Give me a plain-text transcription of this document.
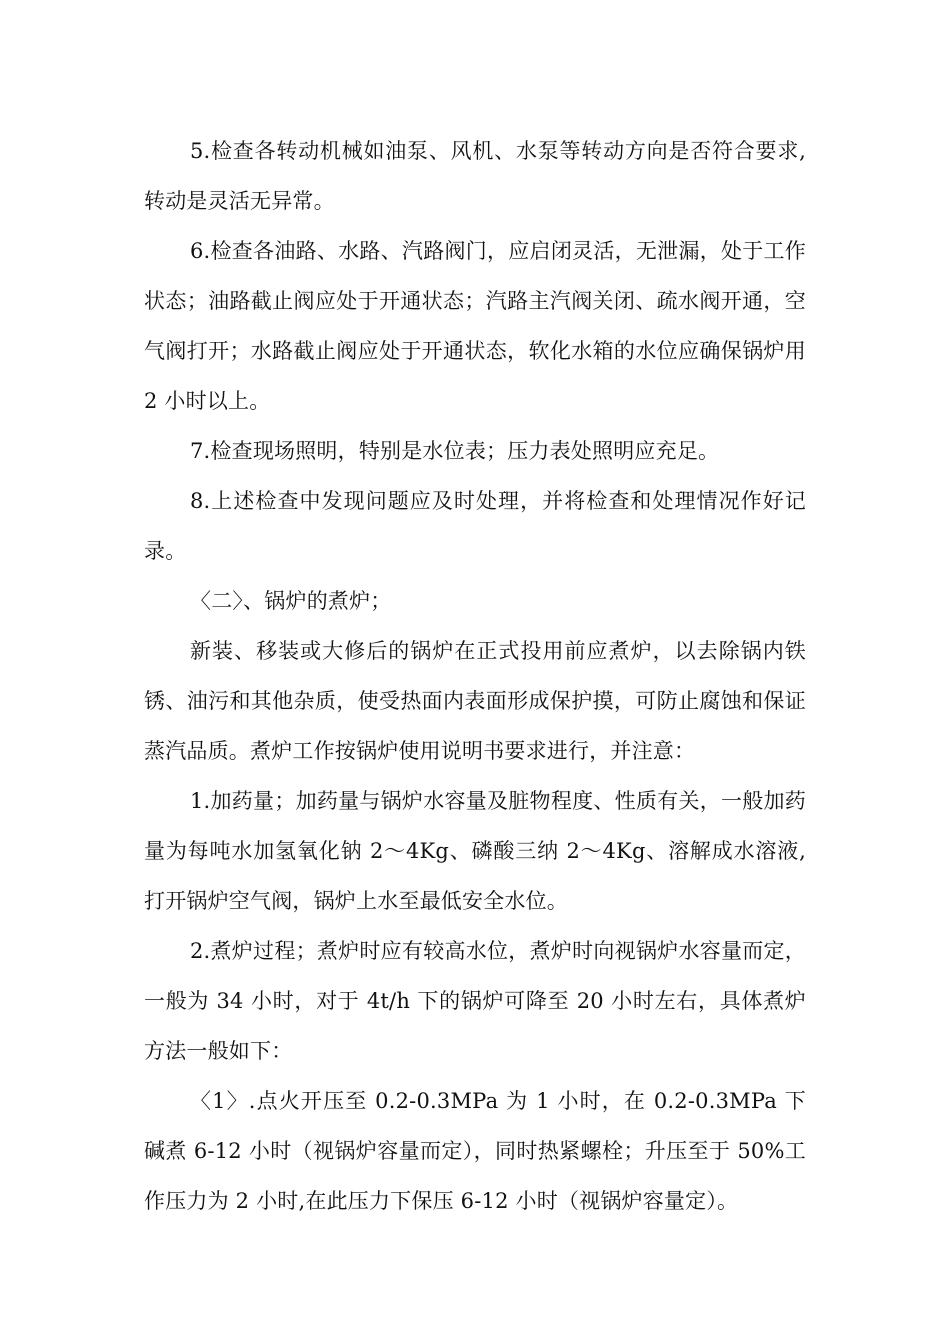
5.检查各转动机械如油泵、风机、水泵等转动方向是否符合要求,转动是灵活无异常。

6.检查各油路、水路、汽路阀门，应启闭灵活，无泄漏，处于工作状态；油路截止阀应处于开通状态；汽路主汽阀关闭、疏水阀开通，空气阀打开；水路截止阀应处于开通状态，软化水箱的水位应确保锅炉用 2 小时以上。

7.检查现场照明，特别是水位表；压力表处照明应充足。

8.上述检查中发现问题应及时处理，并将检查和处理情况作好记录。

〈二〉、锅炉的煮炉；

新装、移装或大修后的锅炉在正式投用前应煮炉，以去除锅内铁锈、油污和其他杂质，使受热面内表面形成保护摸，可防止腐蚀和保证蒸汽品质。煮炉工作按锅炉使用说明书要求进行，并注意：

1.加药量；加药量与锅炉水容量及脏物程度、性质有关，一般加药量为每吨水加氢氧化钠 2～4Kg、磷酸三纳 2～4Kg、溶解成水溶液,打开锅炉空气阀，锅炉上水至最低安全水位。

2.煮炉过程；煮炉时应有较高水位，煮炉时向视锅炉水容量而定，一般为 34 小时，对于 4t/h 下的锅炉可降至 20 小时左右，具体煮炉方法一般如下：

〈1〉.点火开压至 0.2-0.3MPa 为 1 小时，在 0.2-0.3MPa 下碱煮 6-12 小时（视锅炉容量而定），同时热紧螺栓；升压至于 50%工作压力为 2 小时,在此压力下保压 6-12 小时（视锅炉容量定）。
